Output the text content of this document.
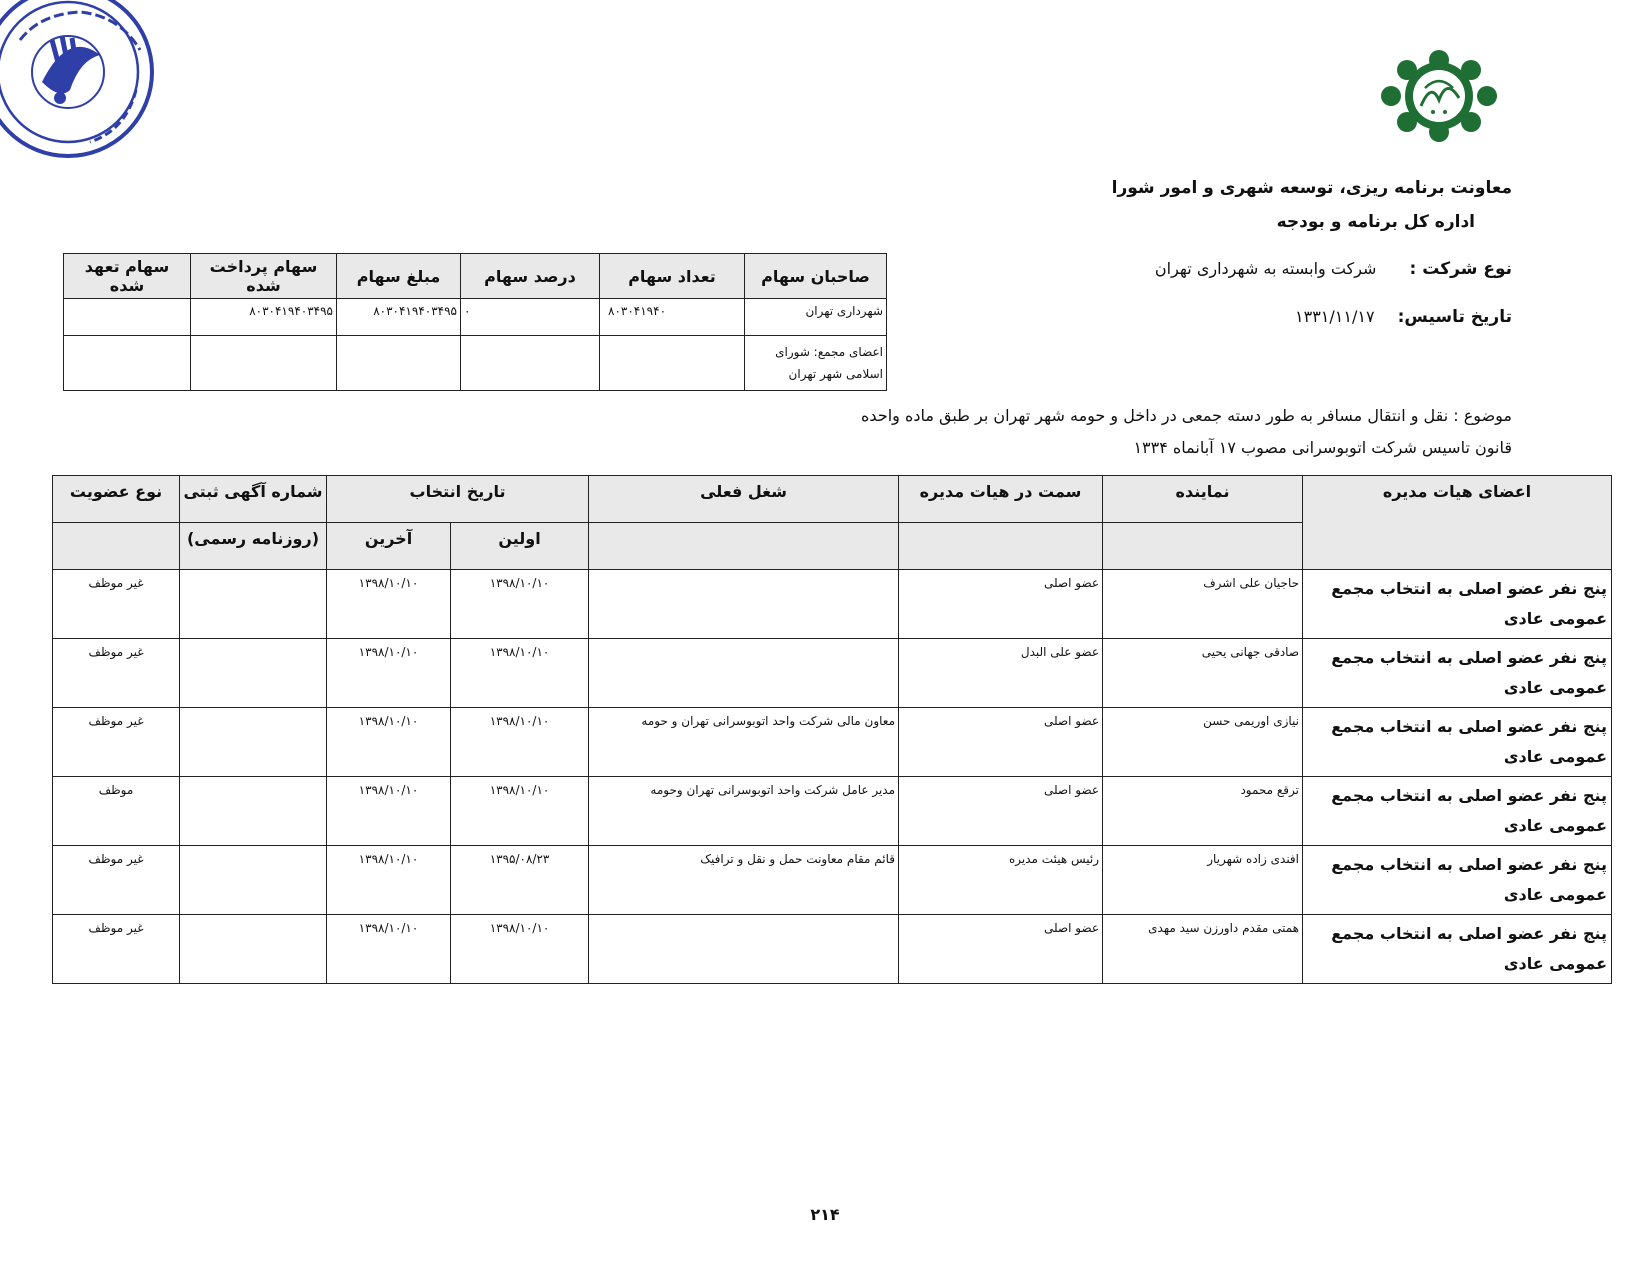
معاونت برنامه ریزی، توسعه شهری و امور شورا
اداره کل برنامه و بودجه
نوع شرکت : شرکت وابسته به شهرداری تهران
تاریخ تاسیس: ۱۳۳۱/۱۱/۱۷
موضوع : نقل و انتقال مسافر به طور دسته جمعی در داخل و حومه شهر تهران بر طبق ماده واحده قانون تاسیس شرکت اتوبوسرانی مصوب ۱۷ آبانماه ۱۳۳۴
صاحبان سهام	تعداد سهام	درصد سهام	مبلغ سهام	سهام پرداخت شده	سهام تعهد شده
شهرداری تهران	۸۰۳۰۴۱۹۴۰	۰	۸۰۳۰۴۱۹۴۰۳۴۹۵	۸۰۳۰۴۱۹۴۰۳۴۹۵	
اعضای مجمع: شورای اسلامی شهر تهران					
اعضای هیات مدیره	نماینده	سمت در هیات مدیره	شغل فعلی	تاریخ انتخاب		شماره آگهی ثبتی	نوع عضویت
				اولین	آخرین	(روزنامه رسمی)	
پنج نفر عضو اصلی به انتخاب مجمع عمومی عادی	حاجیان علی اشرف	عضو اصلی		۱۳۹۸/۱۰/۱۰	۱۳۹۸/۱۰/۱۰		غیر موظف
پنج نفر عضو اصلی به انتخاب مجمع عمومی عادی	صادقی جهانی یحیی	عضو علی البدل		۱۳۹۸/۱۰/۱۰	۱۳۹۸/۱۰/۱۰		غیر موظف
پنج نفر عضو اصلی به انتخاب مجمع عمومی عادی	نیازی اوریمی حسن	عضو اصلی	معاون مالی شرکت واحد اتوبوسرانی تهران و حومه	۱۳۹۸/۱۰/۱۰	۱۳۹۸/۱۰/۱۰		غیر موظف
پنج نفر عضو اصلی به انتخاب مجمع عمومی عادی	ترقع محمود	عضو اصلی	مدیر عامل شرکت واحد اتوبوسرانی تهران وحومه	۱۳۹۸/۱۰/۱۰	۱۳۹۸/۱۰/۱۰		موظف
پنج نفر عضو اصلی به انتخاب مجمع عمومی عادی	افندی زاده شهریار	رئیس هیئت مدیره	قائم مقام معاونت حمل و نقل و ترافیک	۱۳۹۵/۰۸/۲۳	۱۳۹۸/۱۰/۱۰		غیر موظف
پنج نفر عضو اصلی به انتخاب مجمع عمومی عادی	همتی مقدم داورزن سید مهدی	عضو اصلی		۱۳۹۸/۱۰/۱۰	۱۳۹۸/۱۰/۱۰		غیر موظف
۲۱۴
